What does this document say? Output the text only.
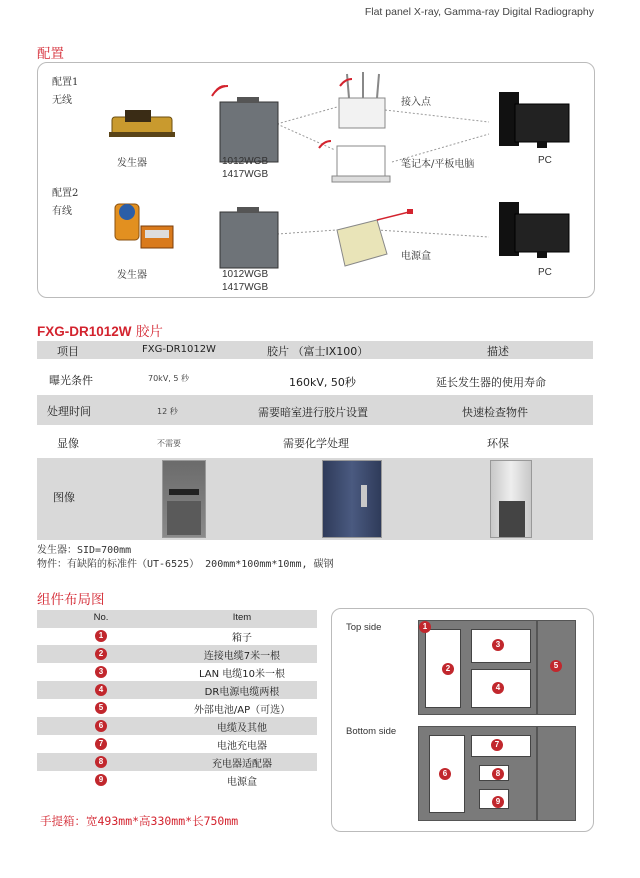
Flat panel X-ray, Gamma-ray Digital Radiography
配置
配置1
无线
配置2
有线
发生器
发生器
1012WGB
1417WGB
1012WGB
1417WGB
接入点
笔记本/平板电脑
电源盒
PC
PC
FXG-DR1012W 胶片
项目	FXG-DR1012W	胶片 （富士IX100）	描述
曝光条件	70kV, 5 秒	160kV, 50秒	延长发生器的使用寿命
处理时间	12 秒	需要暗室进行胶片设置	快速检查物件
显像	不需要	需要化学处理	环保
图像
发生器：SID=700mm
物件：有缺陷的标准件（UT-6525） 200mm*100mm*10mm, 碳钢
组件布局图
No.	Item
1	箱子
2	连接电缆7米一根
3	LAN 电缆10米一根
4	DR电源电缆两根
5	外部电池/AP（可选）
6	电缆及其他
7	电池充电器
8	充电器适配器
9	电源盒
手提箱：宽493mm*高330mm*长750mm
Top side
Bottom side
1
2
3
4
5
6
7
8
9
